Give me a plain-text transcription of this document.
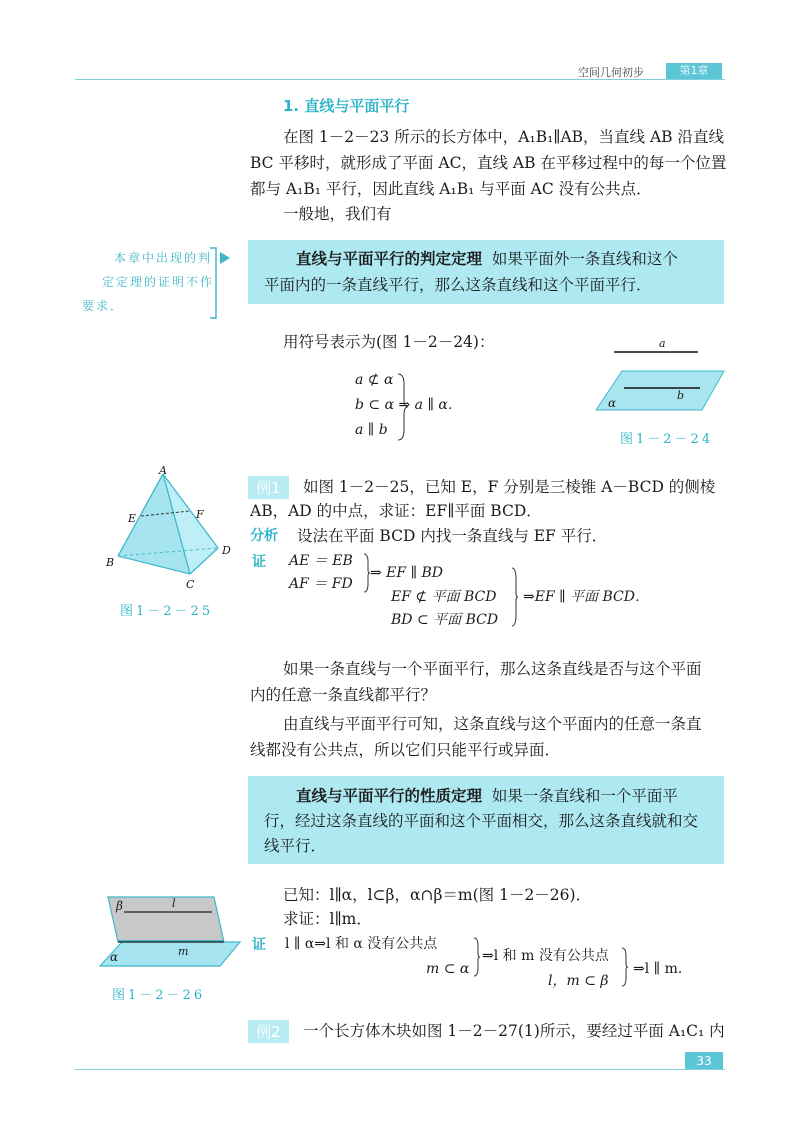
空间几何初步	第1章
1. 直线与平面平行
在图 1－2－23 所示的长方体中，A₁B₁∥AB，当直线 AB 沿直线
BC 平移时，就形成了平面 AC，直线 AB 在平移过程中的每一个位置
都与 A₁B₁ 平行，因此直线 A₁B₁ 与平面 AC 没有公共点．
一般地，我们有
本章中出现的判
定定理的证明不作
要求．
直线与平面平行的判定定理 如果平面外一条直线和这个
平面内的一条直线平行，那么这条直线和这个平面平行．
用符号表示为(图 1－2－24)：
a ⊄ α
b ⊂ α ⇒ a ∥ α．
a ∥ b
a
b
α
图1－2－24
A
E	F
D
B
C
图1－2－25
例1	如图 1－2－25，已知 E，F 分别是三棱锥 A－BCD 的侧棱
AB，AD 的中点，求证：EF∥平面 BCD．
分析 设法在平面 BCD 内找一条直线与 EF 平行．
证 AE ＝ EB
AF ＝ FD
⇒ EF ∥ BD
EF ⊄ 平面 BCD
BD ⊂ 平面 BCD
⇒EF ∥ 平面 BCD．
如果一条直线与一个平面平行，那么这条直线是否与这个平面
内的任意一条直线都平行？
由直线与平面平行可知，这条直线与这个平面内的任意一条直
线都没有公共点，所以它们只能平行或异面．
直线与平面平行的性质定理 如果一条直线和一个平面平
行，经过这条直线的平面和这个平面相交，那么这条直线就和交
线平行．
β	l
α	m
图1－2－26
已知：l∥α，l⊂β，α∩β＝m(图 1－2－26)．
求证：l∥m．
证 l ∥ α⇒l 和 α 没有公共点
m ⊂ α
⇒l 和 m 没有公共点
l，m ⊂ β
⇒l ∥ m．
例2	一个长方体木块如图 1－2－27(1)所示，要经过平面 A₁C₁ 内
33
